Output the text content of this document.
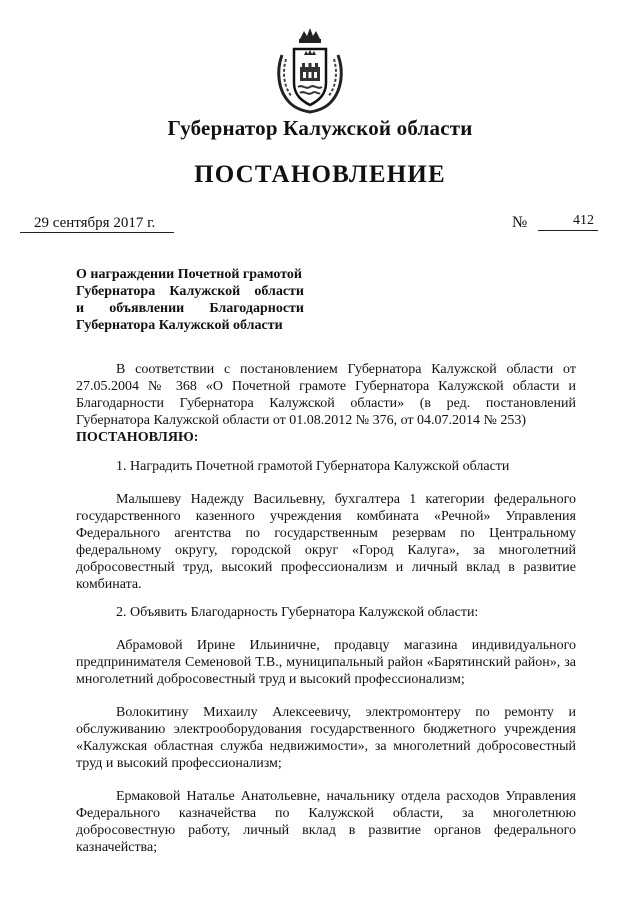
Губернатор Калужской области
ПОСТАНОВЛЕНИЕ
29 сентября 2017 г.	№	412
О награждении Почетной грамотой
Губернатора Калужской области
и объявлении Благодарности
Губернатора Калужской области

В соответствии с постановлением Губернатора Калужской области от 27.05.2004 № 368 «О Почетной грамоте Губернатора Калужской области и Благодарности Губернатора Калужской области» (в ред. постановлений Губернатора Калужской области от 01.08.2012 № 376, от 04.07.2014 № 253)
ПОСТАНОВЛЯЮ:

1. Наградить Почетной грамотой Губернатора Калужской области

Малышеву Надежду Васильевну, бухгалтера 1 категории федерального государственного казенного учреждения комбината «Речной» Управления Федерального агентства по государственным резервам по Центральному федеральному округу, городской округ «Город Калуга», за многолетний добросовестный труд, высокий профессионализм и личный вклад в развитие комбината.

2. Объявить Благодарность Губернатора Калужской области:

Абрамовой Ирине Ильиничне, продавцу магазина индивидуального предпринимателя Семеновой Т.В., муниципальный район «Барятинский район», за многолетний добросовестный труд и высокий профессионализм;

Волокитину Михаилу Алексеевичу, электромонтеру по ремонту и обслуживанию электрооборудования государственного бюджетного учреждения «Калужская областная служба недвижимости», за многолетний добросовестный труд и высокий профессионализм;

Ермаковой Наталье Анатольевне, начальнику отдела расходов Управления Федерального казначейства по Калужской области, за многолетнюю добросовестную работу, личный вклад в развитие органов федерального казначейства;
